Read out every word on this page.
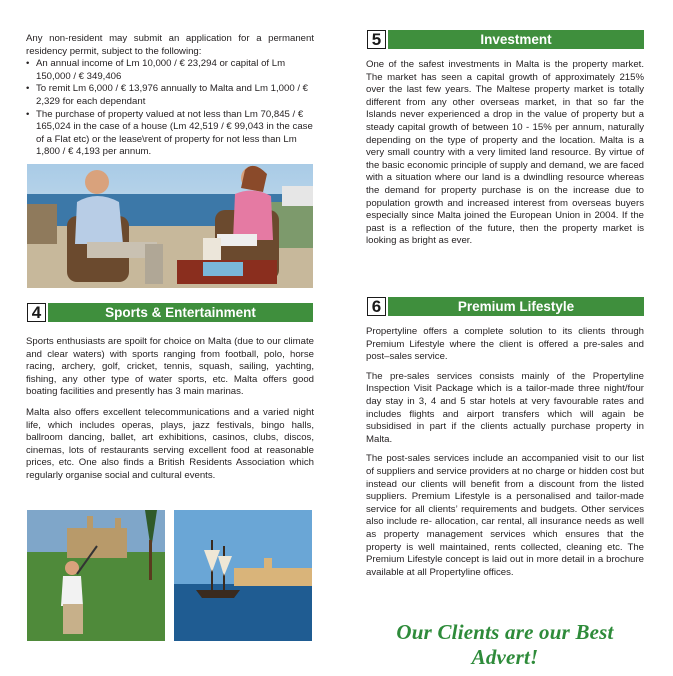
Any non-resident may submit an application for a permanent residency permit, subject to the following:

• An annual income of Lm 10,000 / € 23,294 or capital of Lm 150,000 / € 349,406
• To remit Lm 6,000 / € 13,976 annually to Malta and Lm 1,000 / € 2,329 for each dependant
• The purchase of property valued at not less than Lm 70,845 / € 165,024 in the case of a house (Lm 42,519 / € 99,043 in the case of a Flat etc) or the lease\rent of property for not less than Lm 1,800 / € 4,193 per annum.
4	Sports & Entertainment

Sports enthusiasts are spoilt for choice on Malta (due to our climate and clear waters) with sports ranging from football, polo, horse racing, archery, golf, cricket, tennis, squash, sailing, yachting, fishing, any other type of water sports, etc. Malta offers good boating facilities and presently has 3 main marinas.

Malta also offers excellent telecommunications and a varied night life, which includes operas, plays, jazz festivals, bingo halls, ballroom dancing, ballet, art exhibitions, casinos, clubs, discos, cinemas, lots of restaurants serving excellent food at reasonable prices, etc. One also finds a British Residents Association which regularly organise social and cultural events.

5	Investment

One of the safest investments in Malta is the property market. The market has seen a capital growth of approximately 215% over the last few years. The Maltese property market is totally different from any other overseas market, in that so far the Islands never experienced a drop in the value of property but a steady capital growth of between 10 - 15% per annum, naturally depending on the type of property and the location. Malta is a very small country with a very limited land resource. By virtue of the basic economic principle of supply and demand, we are faced with a situation where our land is a dwindling resource whereas the demand for property purchase is on the increase due to population growth and increased interest from overseas buyers especially since Malta joined the European Union in 2004. If the past is a reflection of the future, then the property market is looking as bright as ever.

6	Premium Lifestyle

Propertyline offers a complete solution to its clients through Premium Lifestyle where the client is offered a pre-sales and post–sales service.

The pre-sales services consists mainly of the Propertyline Inspection Visit Package which is a tailor-made three night/four day stay in 3, 4 and 5 star hotels at very favourable rates and includes flights and airport transfers which will again be subsidised in part if the clients actually purchase property in Malta.

The post-sales services include an accompanied visit to our list of suppliers and service providers at no charge or hidden cost but instead our clients will benefit from a discount from the listed suppliers. Premium Lifestyle is a personalised and tailor-made service for all clients’ requirements and budgets. Other services also include re- allocation, car rental, all insurance needs as well as property management services which ensures that the property is well maintained, rents collected, cleaning etc. The Premium Lifestyle concept is laid out in more detail in a brochure available at all Propertyline offices.

Our Clients are our Best Advert!
